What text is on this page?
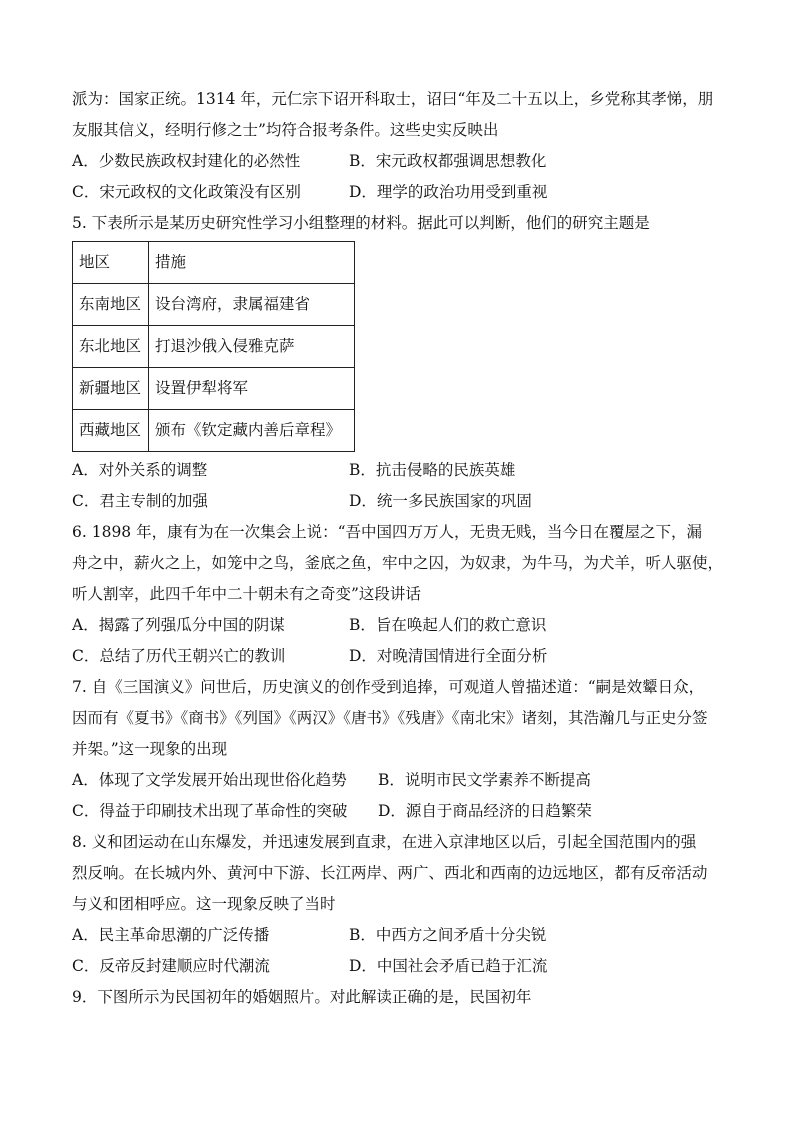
派为：国家正统。1314 年，元仁宗下诏开科取士，诏曰“年及二十五以上，乡党称其孝悌，朋
友服其信义，经明行修之士”均符合报考条件。这些史实反映出
A．少数民族政权封建化的必然性	B．宋元政权都强调思想教化
C．宋元政权的文化政策没有区别	D．理学的政治功用受到重视
5. 下表所示是某历史研究性学习小组整理的材料。据此可以判断，他们的研究主题是
地区	措施
东南地区	设台湾府，隶属福建省
东北地区	打退沙俄入侵雅克萨
新疆地区	设置伊犁将军
西藏地区	颁布《钦定藏内善后章程》
A．对外关系的调整	B．抗击侵略的民族英雄
C．君主专制的加强	D．统一多民族国家的巩固
6. 1898 年，康有为在一次集会上说：“吾中国四万万人，无贵无贱，当今日在覆屋之下，漏
舟之中，薪火之上，如笼中之鸟，釜底之鱼，牢中之囚，为奴隶，为牛马，为犬羊，听人驱使，
听人割宰，此四千年中二十朝未有之奇变”这段讲话
A．揭露了列强瓜分中国的阴谋	B．旨在唤起人们的救亡意识
C．总结了历代王朝兴亡的教训	D．对晚清国情进行全面分析
7. 自《三国演义》问世后，历史演义的创作受到追捧，可观道人曾描述道：“嗣是效颦日众，
因而有《夏书》《商书》《列国》《两汉》《唐书》《残唐》《南北宋》诸刻，其浩瀚几与正史分签
并架。”这一现象的出现
A．体现了文学发展开始出现世俗化趋势	B．说明市民文学素养不断提高
C．得益于印刷技术出现了革命性的突破	D．源自于商品经济的日趋繁荣
8. 义和团运动在山东爆发，并迅速发展到直隶，在进入京津地区以后，引起全国范围内的强
烈反响。在长城内外、黄河中下游、长江两岸、两广、西北和西南的边远地区，都有反帝活动
与义和团相呼应。这一现象反映了当时
A．民主革命思潮的广泛传播	B．中西方之间矛盾十分尖锐
C．反帝反封建顺应时代潮流	D．中国社会矛盾已趋于汇流
9．下图所示为民国初年的婚姻照片。对此解读正确的是，民国初年
